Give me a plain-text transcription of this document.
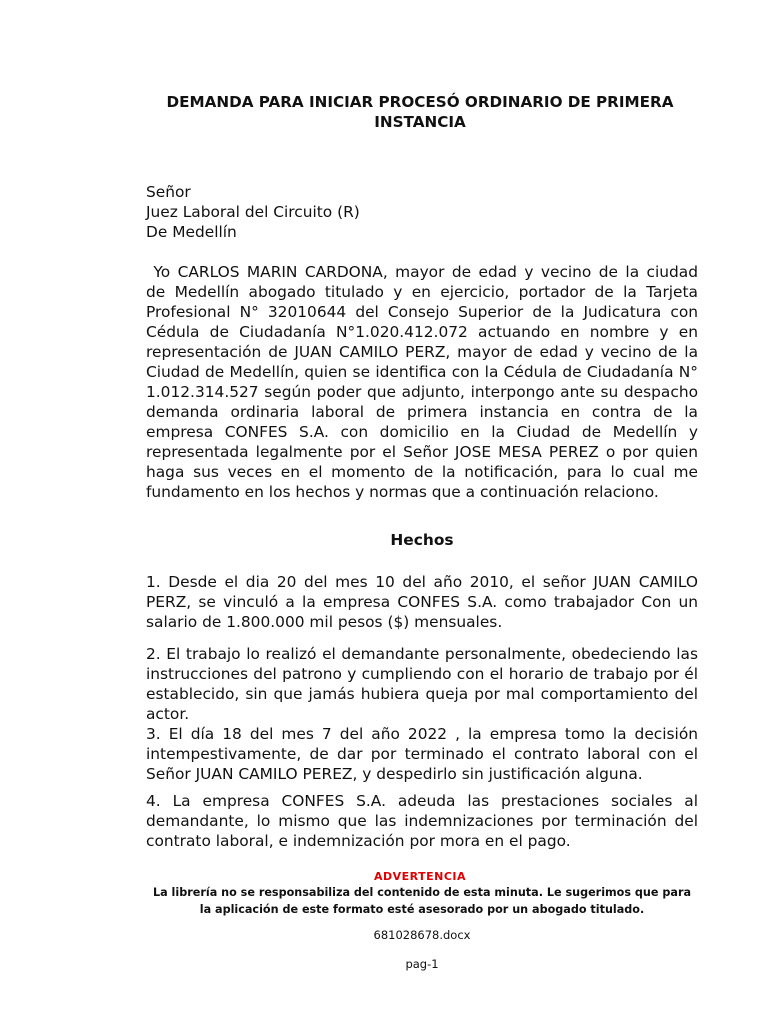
DEMANDA PARA INICIAR PROCESÓ ORDINARIO DE PRIMERA
INSTANCIA
Señor
Juez Laboral del Circuito (R)
De Medellín
Yo CARLOS MARIN CARDONA, mayor de edad y vecino de la ciudad
de Medellín abogado titulado y en ejercicio, portador de la Tarjeta
Profesional N° 32010644 del Consejo Superior de la Judicatura con
Cédula de Ciudadanía N°1.020.412.072 actuando en nombre y en
representación de JUAN CAMILO PERZ, mayor de edad y vecino de la
Ciudad de Medellín, quien se identifica con la Cédula de Ciudadanía N°
1.012.314.527 según poder que adjunto, interpongo ante su despacho
demanda ordinaria laboral de primera instancia en contra de la
empresa CONFES S.A. con domicilio en la Ciudad de Medellín y
representada legalmente por el Señor JOSE MESA PEREZ o por quien
haga sus veces en el momento de la notificación, para lo cual me
fundamento en los hechos y normas que a continuación relaciono.
Hechos
1. Desde el dia 20 del mes 10 del año 2010, el señor JUAN CAMILO
PERZ, se vinculó a la empresa CONFES S.A. como trabajador Con un
salario de 1.800.000 mil pesos ($) mensuales.
2. El trabajo lo realizó el demandante personalmente, obedeciendo las
instrucciones del patrono y cumpliendo con el horario de trabajo por él
establecido, sin que jamás hubiera queja por mal comportamiento del
actor.
3. El día 18 del mes 7 del año 2022 , la empresa tomo la decisión
intempestivamente, de dar por terminado el contrato laboral con el
Señor JUAN CAMILO PEREZ, y despedirlo sin justificación alguna.
4. La empresa CONFES S.A. adeuda las prestaciones sociales al
demandante, lo mismo que las indemnizaciones por terminación del
contrato laboral, e indemnización por mora en el pago.
ADVERTENCIA
La librería no se responsabiliza del contenido de esta minuta. Le sugerimos que para
la aplicación de este formato esté asesorado por un abogado titulado.
681028678.docx
pag-1
